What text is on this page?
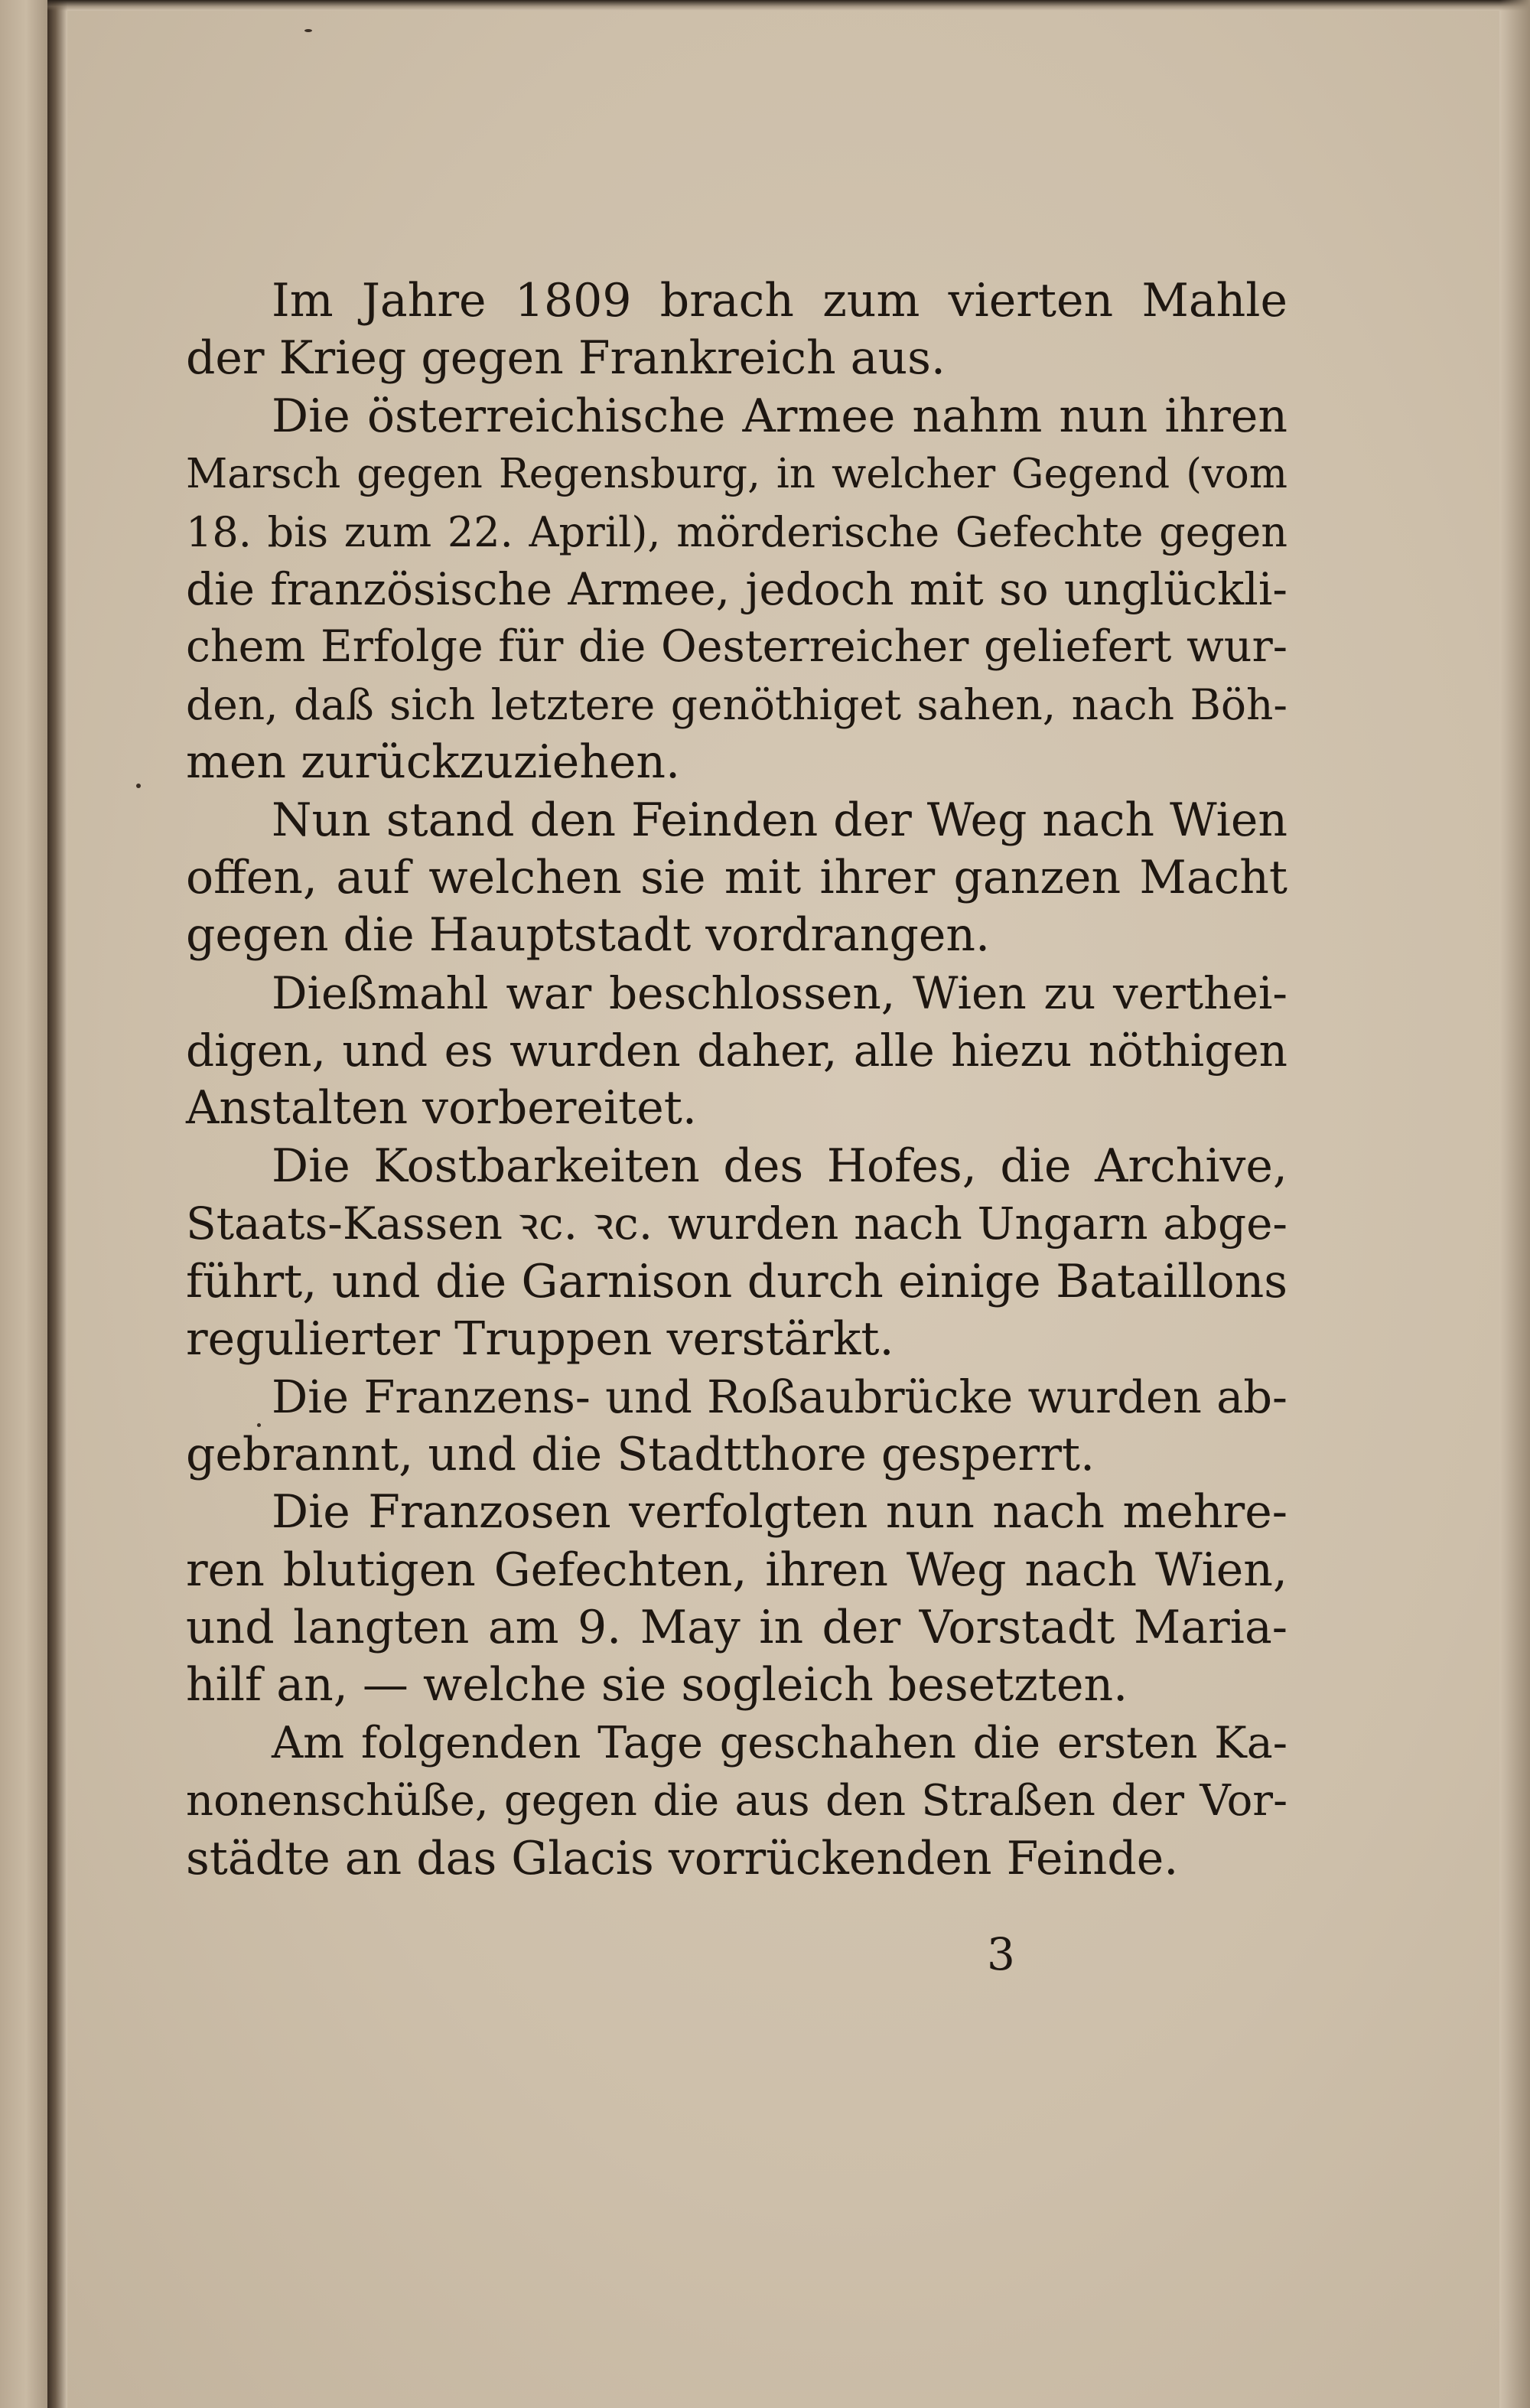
Im Jahre 1809 brach zum vierten Mahle
der Krieg gegen Frankreich aus.
Die österreichische Armee nahm nun ihren
Marsch gegen Regensburg, in welcher Gegend (vom
18. bis zum 22. April), mörderische Gefechte gegen
die französische Armee, jedoch mit so unglückli-
chem Erfolge für die Oesterreicher geliefert wur-
den, daß sich letztere genöthiget sahen, nach Böh-
men zurückzuziehen.
Nun stand den Feinden der Weg nach Wien
offen, auf welchen sie mit ihrer ganzen Macht
gegen die Hauptstadt vordrangen.
Dießmahl war beschlossen, Wien zu verthei-
digen, und es wurden daher, alle hiezu nöthigen
Anstalten vorbereitet.
Die Kostbarkeiten des Hofes, die Archive,
Staats-Kassen ꝛc. ꝛc. wurden nach Ungarn abge-
führt, und die Garnison durch einige Bataillons
regulierter Truppen verstärkt.
Die Franzens- und Roßaubrücke wurden ab-
gebrannt, und die Stadtthore gesperrt.
Die Franzosen verfolgten nun nach mehre-
ren blutigen Gefechten, ihren Weg nach Wien,
und langten am 9. May in der Vorstadt Maria-
hilf an, — welche sie sogleich besetzten.
Am folgenden Tage geschahen die ersten Ka-
nonenschüße, gegen die aus den Straßen der Vor-
städte an das Glacis vorrückenden Feinde.
3
